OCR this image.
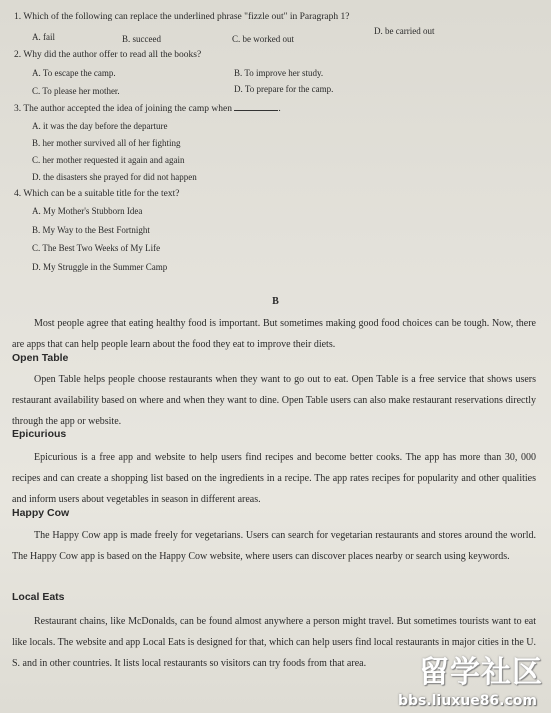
1. Which of the following can replace the underlined phrase "fizzle out" in Paragraph 1?
A. fail	B. succeed	C. be worked out
D. be carried out
2. Why did the author offer to read all the books?
A. To escape the camp.	B. To improve her study.
C. To please her mother.	D. To prepare for the camp.
3. The author accepted the idea of joining the camp when	.
A. it was the day before the departure
B. her mother survived all of her fighting
C. her mother requested it again and again
D. the disasters she prayed for did not happen
4. Which can be a suitable title for the text?
A. My Mother's Stubborn Idea
B. My Way to the Best Fortnight
C. The Best Two Weeks of My Life
D. My Struggle in the Summer Camp
B

Most people agree that eating healthy food is important. But sometimes making good food choices can be tough. Now, there are apps that can help people learn about the food they eat to improve their diets.

Open Table

Open Table helps people choose restaurants when they want to go out to eat. Open Table is a free service that shows users restaurant availability based on where and when they want to dine. Open Table users can also make restaurant reservations directly through the app or website.

Epicurious

Epicurious is a free app and website to help users find recipes and become better cooks. The app has more than 30, 000 recipes and can create a shopping list based on the ingredients in a recipe. The app rates recipes for popularity and other qualities and inform users about vegetables in season in different areas.

Happy Cow

The Happy Cow app is made freely for vegetarians. Users can search for vegetarian restaurants and stores around the world. The Happy Cow app is based on the Happy Cow website, where users can discover places nearby or search using keywords.

Local Eats

Restaurant chains, like McDonalds, can be found almost anywhere a person might travel. But sometimes tourists want to eat like locals. The website and app Local Eats is designed for that, which can help users find local restaurants in major cities in the U. S. and in other countries. It lists local restaurants so visitors can try foods from that area.	留学社区
bbs.liuxue86.com
